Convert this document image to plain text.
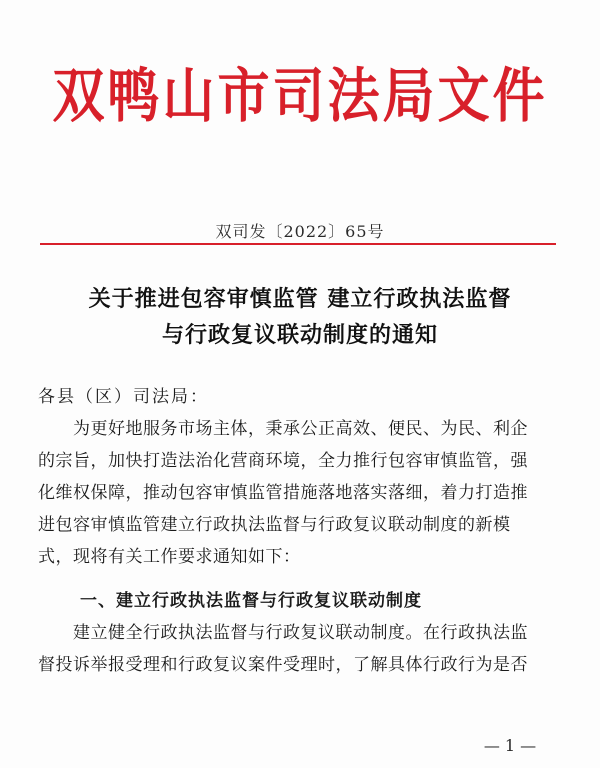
双鸭山市司法局文件
双司发〔2022〕65号
关于推进包容审慎监管 建立行政执法监督
与行政复议联动制度的通知
各县（区）司法局：
　　为更好地服务市场主体，秉承公正高效、便民、为民、利企
的宗旨，加快打造法治化营商环境，全力推行包容审慎监管，强
化维权保障，推动包容审慎监管措施落地落实落细，着力打造推
进包容审慎监管建立行政执法监督与行政复议联动制度的新模
式，现将有关工作要求通知如下：
一、建立行政执法监督与行政复议联动制度
　　建立健全行政执法监督与行政复议联动制度。在行政执法监
督投诉举报受理和行政复议案件受理时，了解具体行政行为是否
— 1 —
